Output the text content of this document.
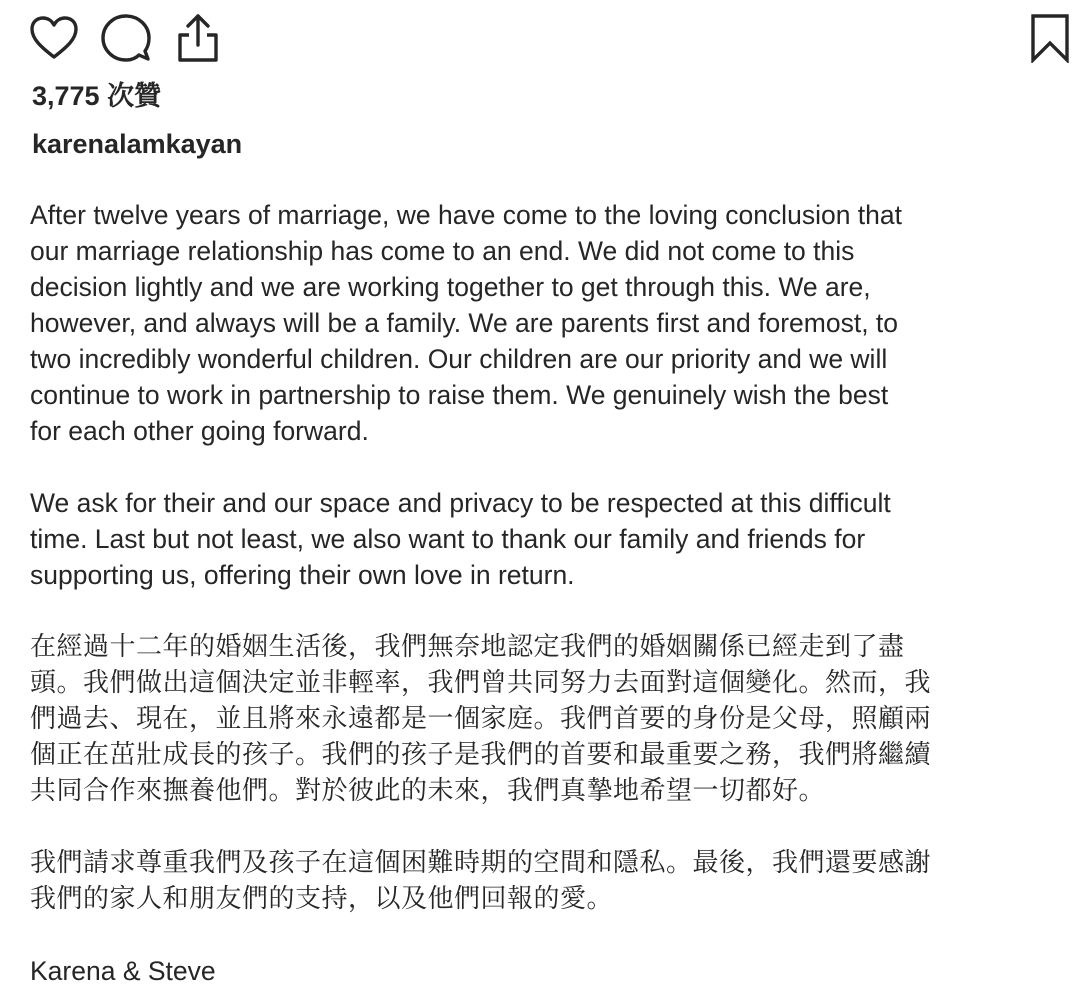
3,775 次贊
karenalamkayan

After twelve years of marriage, we have come to the loving conclusion that
our marriage relationship has come to an end. We did not come to this
decision lightly and we are working together to get through this. We are,
however, and always will be a family. We are parents first and foremost, to
two incredibly wonderful children. Our children are our priority and we will
continue to work in partnership to raise them. We genuinely wish the best
for each other going forward.

We ask for their and our space and privacy to be respected at this difficult
time. Last but not least, we also want to thank our family and friends for
supporting us, offering their own love in return.

在經過十二年的婚姻生活後，我們無奈地認定我們的婚姻關係已經走到了盡
頭。我們做出這個決定並非輕率，我們曾共同努力去面對這個變化。然而，我
們過去、現在，並且將來永遠都是一個家庭。我們首要的身份是父母，照顧兩
個正在茁壯成長的孩子。我們的孩子是我們的首要和最重要之務，我們將繼續
共同合作來撫養他們。對於彼此的未來，我們真摯地希望一切都好。

我們請求尊重我們及孩子在這個困難時期的空間和隱私。最後，我們還要感謝
我們的家人和朋友們的支持，以及他們回報的愛。

Karena & Steve
